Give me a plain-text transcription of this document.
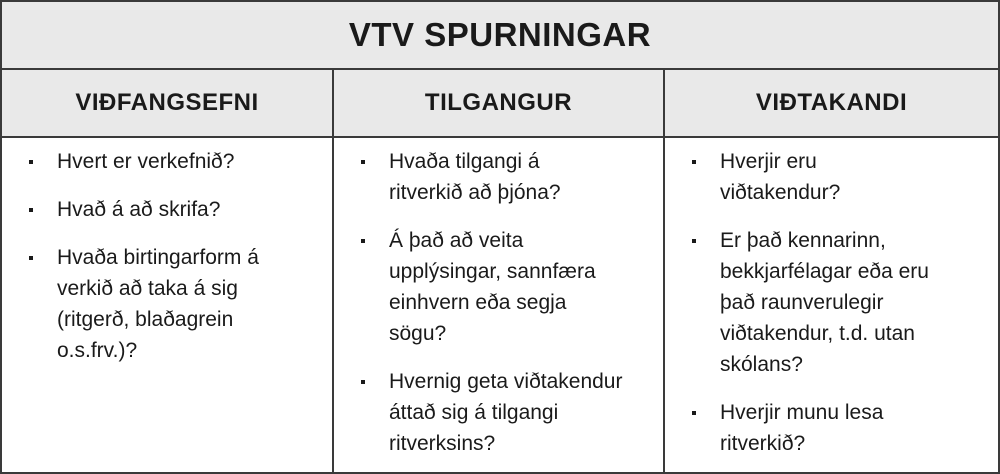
VTV SPURNINGAR
VIÐFANGSEFNI	TILGANGUR	VIÐTAKANDI
Hvert er verkefnið?
Hvað á að skrifa?
Hvaða birtingarform á verkið að taka á sig (ritgerð, blaðagrein o.s.frv.)?
Hvaða tilgangi á ritverkið að þjóna?
Á það að veita upplýsingar, sannfæra einhvern eða segja sögu?
Hvernig geta viðtakendur áttað sig á tilgangi ritverksins?
Hverjir eru viðtakendur?
Er það kennarinn, bekkjarfélagar eða eru það raunverulegir viðtakendur, t.d. utan skólans?
Hverjir munu lesa ritverkið?
